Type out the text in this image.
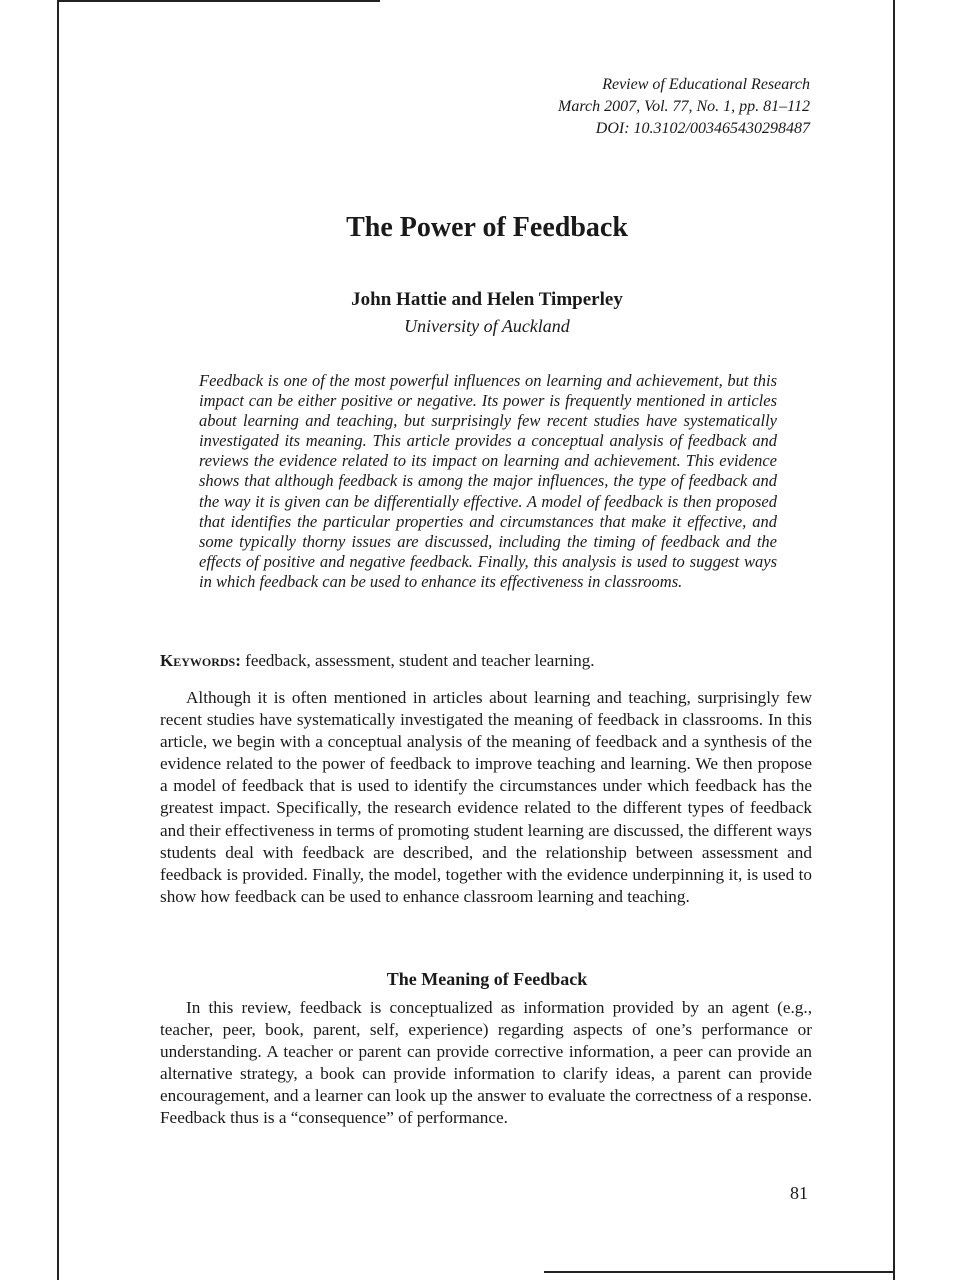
Review of Educational Research
March 2007, Vol. 77, No. 1, pp. 81–112
DOI: 10.3102/003465430298487
The Power of Feedback
John Hattie and Helen Timperley
University of Auckland

Feedback is one of the most powerful influences on learning and achievement, but this impact can be either positive or negative. Its power is frequently mentioned in articles about learning and teaching, but surprisingly few recent studies have systematically investigated its meaning. This article provides a conceptual analysis of feedback and reviews the evidence related to its impact on learning and achievement. This evidence shows that although feedback is among the major influences, the type of feedback and the way it is given can be differentially effective. A model of feedback is then proposed that identifies the particular properties and circumstances that make it effective, and some typically thorny issues are discussed, including the timing of feedback and the effects of positive and negative feedback. Finally, this analysis is used to suggest ways in which feedback can be used to enhance its effectiveness in classrooms.

Keywords: feedback, assessment, student and teacher learning.

Although it is often mentioned in articles about learning and teaching, surprisingly few recent studies have systematically investigated the meaning of feedback in classrooms. In this article, we begin with a conceptual analysis of the meaning of feedback and a synthesis of the evidence related to the power of feedback to improve teaching and learning. We then propose a model of feedback that is used to identify the circumstances under which feedback has the greatest impact. Specifically, the research evidence related to the different types of feedback and their effectiveness in terms of promoting student learning are discussed, the different ways students deal with feedback are described, and the relationship between assessment and feedback is provided. Finally, the model, together with the evidence underpinning it, is used to show how feedback can be used to enhance classroom learning and teaching.

The Meaning of Feedback

In this review, feedback is conceptualized as information provided by an agent (e.g., teacher, peer, book, parent, self, experience) regarding aspects of one’s performance or understanding. A teacher or parent can provide corrective information, a peer can provide an alternative strategy, a book can provide information to clarify ideas, a parent can provide encouragement, and a learner can look up the answer to evaluate the correctness of a response. Feedback thus is a “consequence” of performance.

81
